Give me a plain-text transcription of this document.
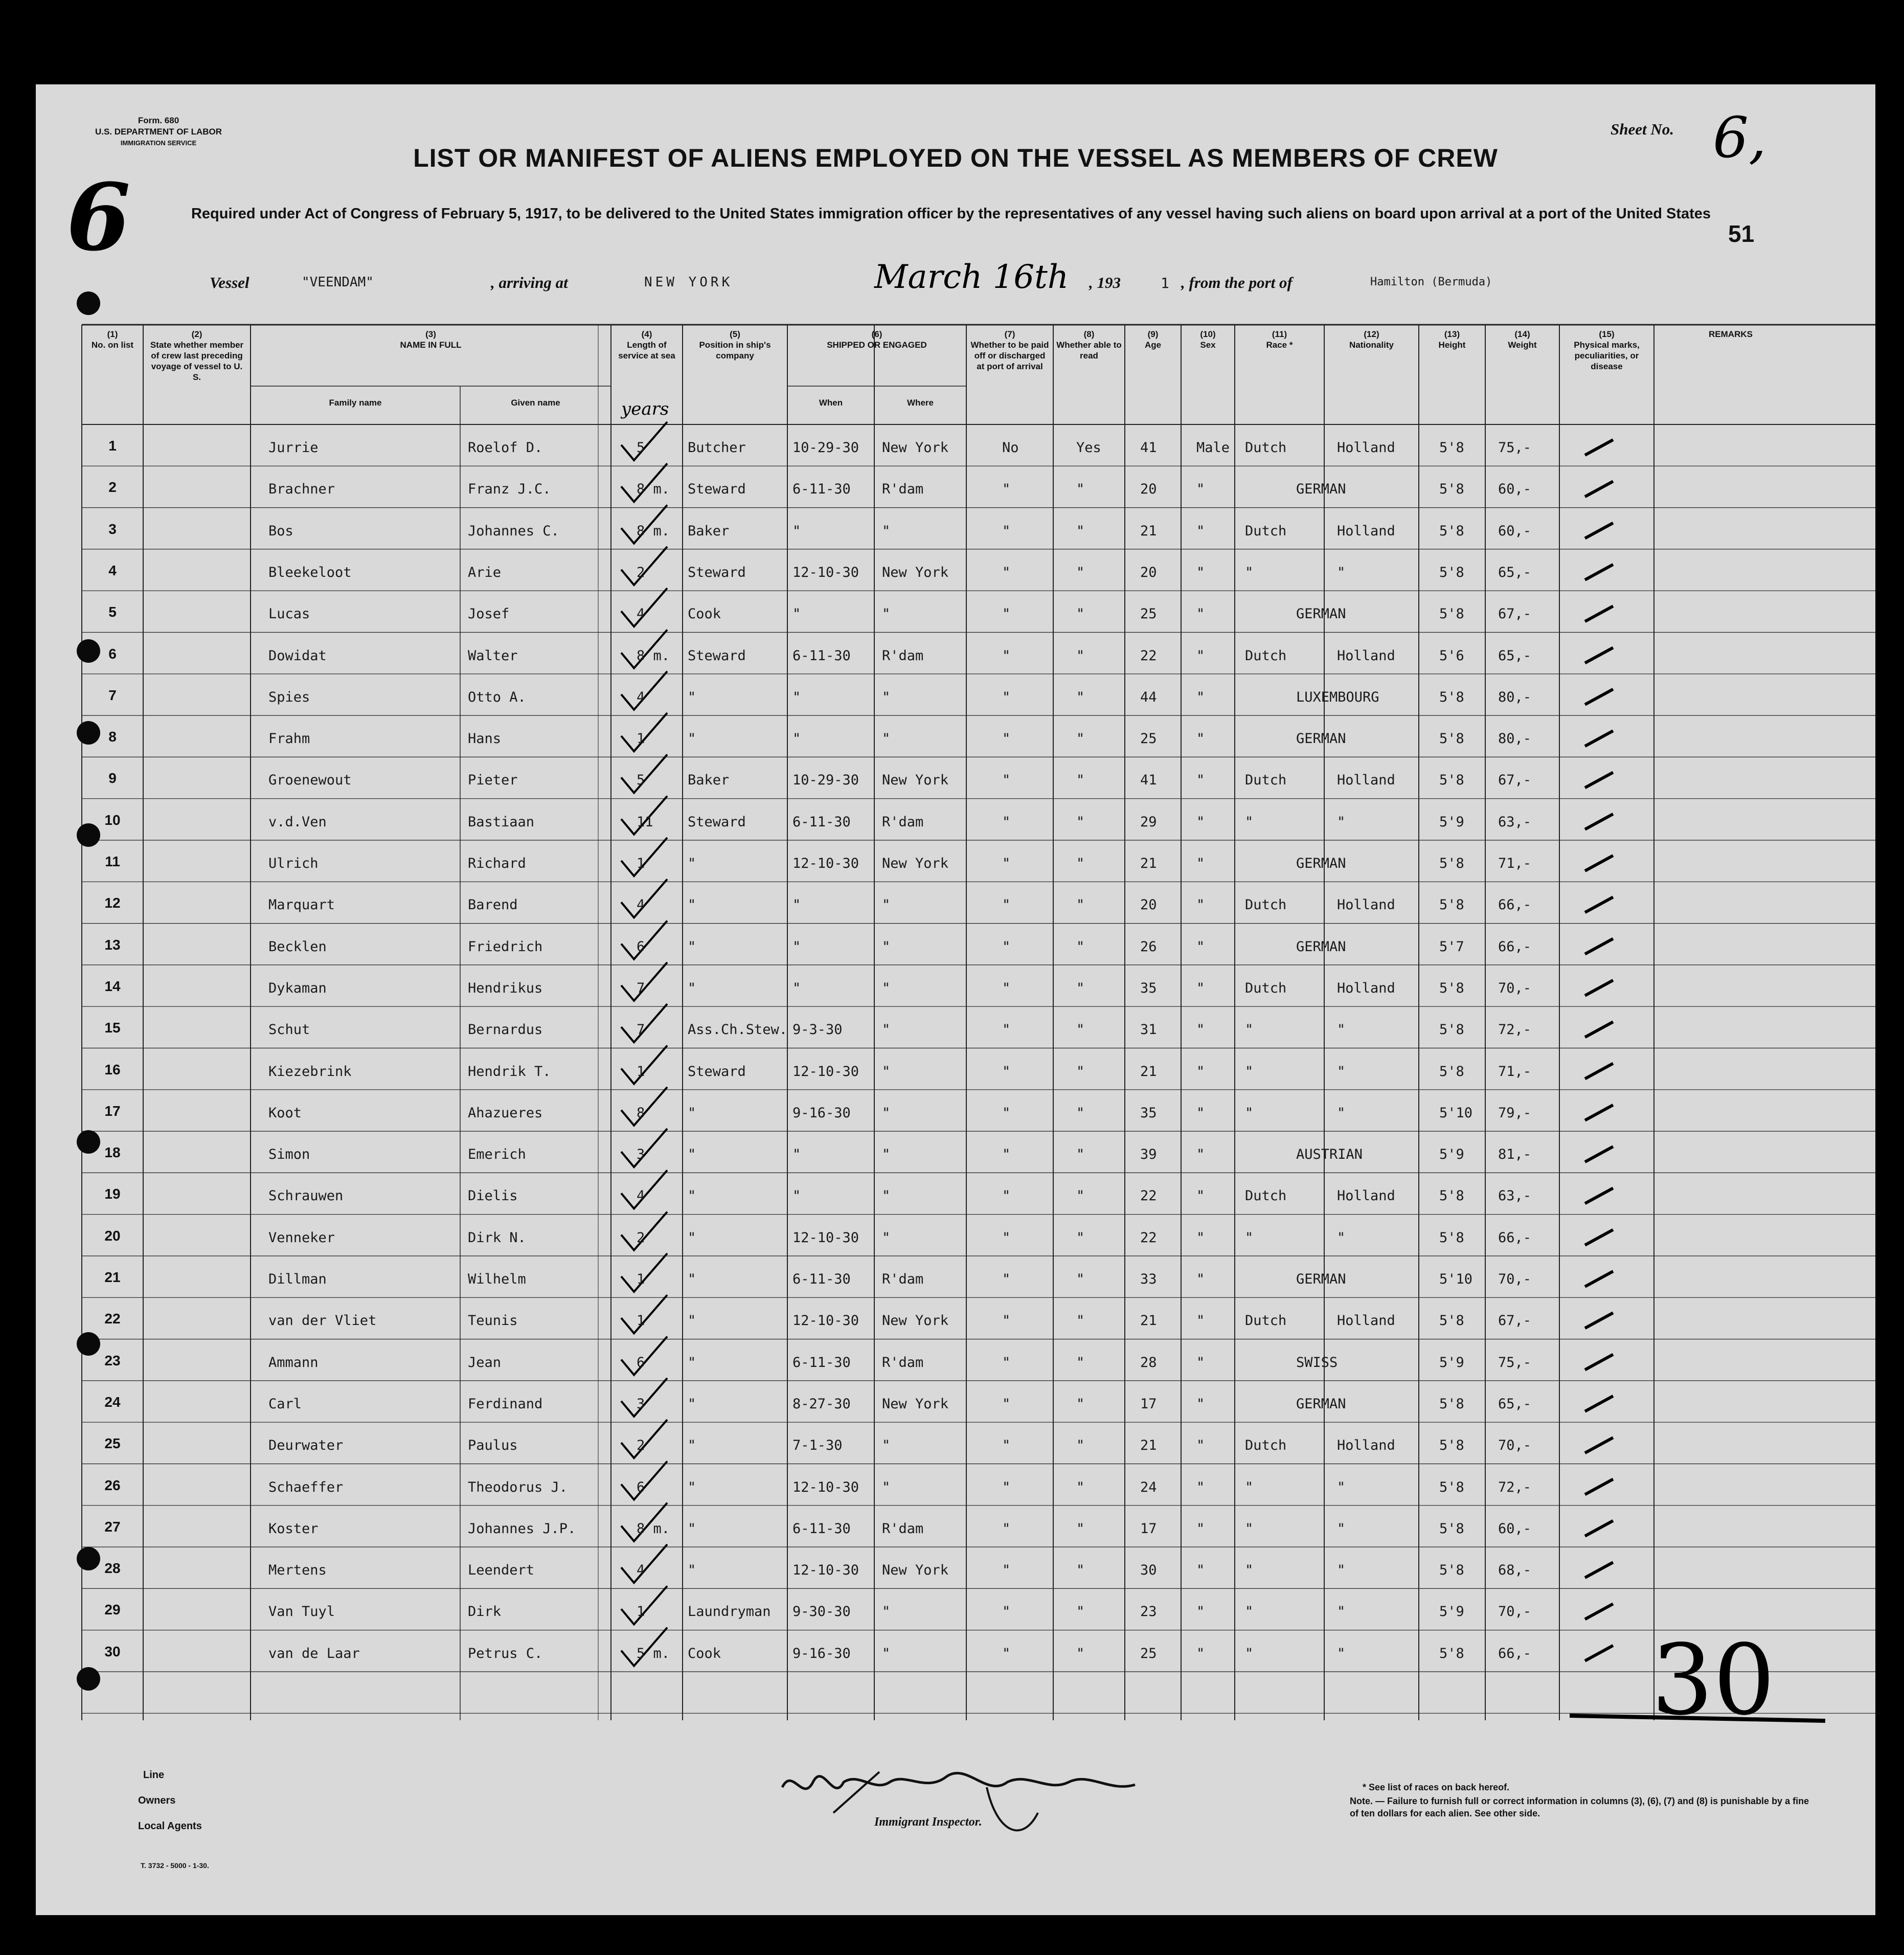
Form. 680
U.S. DEPARTMENT OF LABOR
IMMIGRATION SERVICE
Sheet No. 6,
6	51
LIST OR MANIFEST OF ALIENS EMPLOYED ON THE VESSEL AS MEMBERS OF CREW
Required under Act of Congress of February 5, 1917, to be delivered to the United States immigration officer by the representatives of any vessel having such aliens on board upon arrival at a port of the United States
Vessel	"VEENDAM"	, arriving at	NEW YORK	March 16th , 193	1 , from the port of	Hamilton (Bermuda)
(1)
No. on list
(2)
State whether member of crew last preceding voyage of vessel to U. S.
(3)
NAME IN FULL
Family name	Given name
(4)
Length of service at sea
years
(5)
Position in ship's company
(6)
SHIPPED OR ENGAGED
When	Where
(7)
Whether to be paid off or discharged at port of arrival
(8)
Whether able to read
(9)
Age
(10)
Sex
(11)
Race *
(12)
Nationality
(13)
Height
(14)
Weight
(15)
Physical marks, peculiarities, or disease
REMARKS
1	Jurrie	Roelof D.	5	Butcher	10-29-30 New York	No	Yes	41	Male Dutch	Holland	5'8 75,-
2	Brachner	Franz J.C.	8 m. Steward	6-11-30 R'dam	"	"	20	"	GERMAN	5'8 60,-
3	Bos	Johannes C.	8 m. Baker	"	"	"	"	21	"	Dutch	Holland	5'8 60,-
4	Bleekeloot	Arie	2	Steward	12-10-30 New York	"	"	20	"	"	"	5'8 65,-
5	Lucas	Josef	4	Cook	"	"	"	"	25	"	GERMAN	5'8 67,-
6	Dowidat	Walter	8 m. Steward	6-11-30 R'dam	"	"	22	"	Dutch	Holland	5'6 65,-
7	Spies	Otto A.	4	"	"	"	"	"	44	"	LUXEMBOURG	5'8 80,-
8	Frahm	Hans	1	"	"	"	"	"	25	"	GERMAN	5'8 80,-
9	Groenewout	Pieter	5	Baker	10-29-30 New York	"	"	41	"	Dutch	Holland	5'8 67,-
10	v.d.Ven	Bastiaan	11 Steward	6-11-30 R'dam	"	"	29	"	"	"	5'9 63,-
11	Ulrich	Richard	1	"	12-10-30 New York	"	"	21	"	GERMAN	5'8 71,-
12	Marquart	Barend	4	"	"	"	"	"	20	"	Dutch	Holland	5'8 66,-
13	Becklen	Friedrich	6	"	"	"	"	"	26	"	GERMAN	5'7 66,-
14	Dykaman	Hendrikus	7	"	"	"	"	"	35	"	Dutch	Holland	5'8 70,-
15	Schut	Bernardus	7	Ass.Ch.Stew. 9-3-30	"	"	"	31	"	"	"	5'8 72,-
16	Kiezebrink	Hendrik T.	1	Steward	12-10-30 "	"	"	21	"	"	"	5'8 71,-
17	Koot	Ahazueres	8	"	9-16-30 "	"	"	35	"	"	"	5'10 79,-
18	Simon	Emerich	3	"	"	"	"	"	39	"	AUSTRIAN	5'9 81,-
19	Schrauwen	Dielis	4	"	"	"	"	"	22	"	Dutch	Holland	5'8 63,-
20	Venneker	Dirk N.	2	"	12-10-30 "	"	"	22	"	"	"	5'8 66,-
21	Dillman	Wilhelm	1	"	6-11-30 R'dam	"	"	33	"	GERMAN	5'10 70,-
22	van der Vliet	Teunis	1	"	12-10-30 New York	"	"	21	"	Dutch	Holland	5'8 67,-
23	Ammann	Jean	6	"	6-11-30 R'dam	"	"	28	"	SWISS	5'9 75,-
24	Carl	Ferdinand	3	"	8-27-30 New York	"	"	17	"	GERMAN	5'8 65,-
25	Deurwater	Paulus	2	"	7-1-30	"	"	"	21	"	Dutch	Holland	5'8 70,-
26	Schaeffer	Theodorus J.	6	"	12-10-30 "	"	"	24	"	"	"	5'8 72,-
27	Koster	Johannes J.P.	8 m. "	6-11-30 R'dam	"	"	17	"	"	"	5'8 60,-
28	Mertens	Leendert	4	"	12-10-30 New York	"	"	30	"	"	"	5'8 68,-
29	Van Tuyl	Dirk	1	Laundryman 9-30-30 "	"	"	23	"	"	"	5'9 70,-
30	van de Laar	Petrus C.	5 m. Cook	9-16-30 "	"	"	25	"	"	"	5'8 66,- 30
Line
Owners
Local Agents
T. 3732 - 5000 - 1-30.
Immigrant Inspector.
* See list of races on back hereof.
Note. — Failure to furnish full or correct information in columns (3), (6), (7) and (8) is punishable by a fine of ten dollars for each alien. See other side.
